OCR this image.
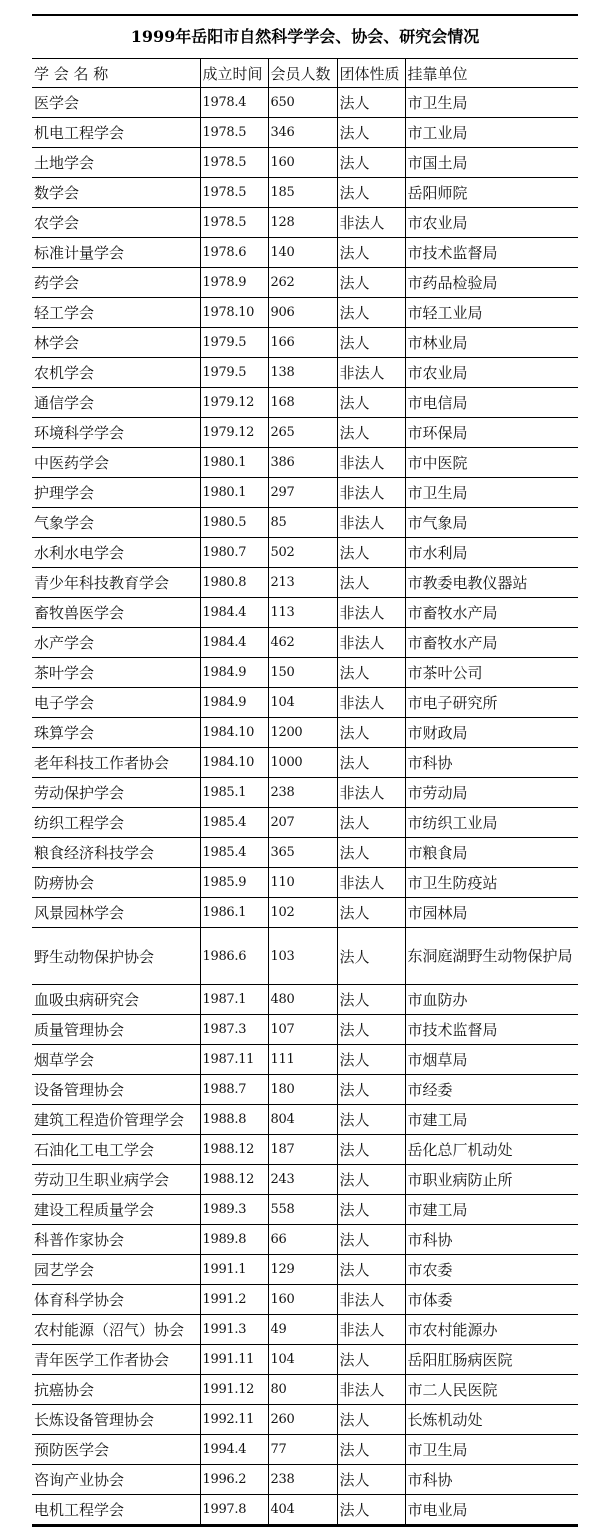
1999年岳阳市自然科学学会、协会、研究会情况
学 会 名 称	成立时间	会员人数	团体性质	挂靠单位
医学会	1978.4	650	法人	市卫生局
机电工程学会	1978.5	346	法人	市工业局
土地学会	1978.5	160	法人	市国土局
数学会	1978.5	185	法人	岳阳师院
农学会	1978.5	128	非法人	市农业局
标准计量学会	1978.6	140	法人	市技术监督局
药学会	1978.9	262	法人	市药品检验局
轻工学会	1978.10	906	法人	市轻工业局
林学会	1979.5	166	法人	市林业局
农机学会	1979.5	138	非法人	市农业局
通信学会	1979.12	168	法人	市电信局
环境科学学会	1979.12	265	法人	市环保局
中医药学会	1980.1	386	非法人	市中医院
护理学会	1980.1	297	非法人	市卫生局
气象学会	1980.5	85	非法人	市气象局
水利水电学会	1980.7	502	法人	市水利局
青少年科技教育学会	1980.8	213	法人	市教委电教仪器站
畜牧兽医学会	1984.4	113	非法人	市畜牧水产局
水产学会	1984.4	462	非法人	市畜牧水产局
茶叶学会	1984.9	150	法人	市茶叶公司
电子学会	1984.9	104	非法人	市电子研究所
珠算学会	1984.10	1200	法人	市财政局
老年科技工作者协会	1984.10	1000	法人	市科协
劳动保护学会	1985.1	238	非法人	市劳动局
纺织工程学会	1985.4	207	法人	市纺织工业局
粮食经济科技学会	1985.4	365	法人	市粮食局
防痨协会	1985.9	110	非法人	市卫生防疫站
风景园林学会	1986.1	102	法人	市园林局
野生动物保护协会	1986.6	103	法人	东洞庭湖野生动物保护局
血吸虫病研究会	1987.1	480	法人	市血防办
质量管理协会	1987.3	107	法人	市技术监督局
烟草学会	1987.11	111	法人	市烟草局
设备管理协会	1988.7	180	法人	市经委
建筑工程造价管理学会	1988.8	804	法人	市建工局
石油化工电工学会	1988.12	187	法人	岳化总厂机动处
劳动卫生职业病学会	1988.12	243	法人	市职业病防止所
建设工程质量学会	1989.3	558	法人	市建工局
科普作家协会	1989.8	66	法人	市科协
园艺学会	1991.1	129	法人	市农委
体育科学协会	1991.2	160	非法人	市体委
农村能源（沼气）协会	1991.3	49	非法人	市农村能源办
青年医学工作者协会	1991.11	104	法人	岳阳肛肠病医院
抗癌协会	1991.12	80	非法人	市二人民医院
长炼设备管理协会	1992.11	260	法人	长炼机动处
预防医学会	1994.4	77	法人	市卫生局
咨询产业协会	1996.2	238	法人	市科协
电机工程学会	1997.8	404	法人	市电业局
